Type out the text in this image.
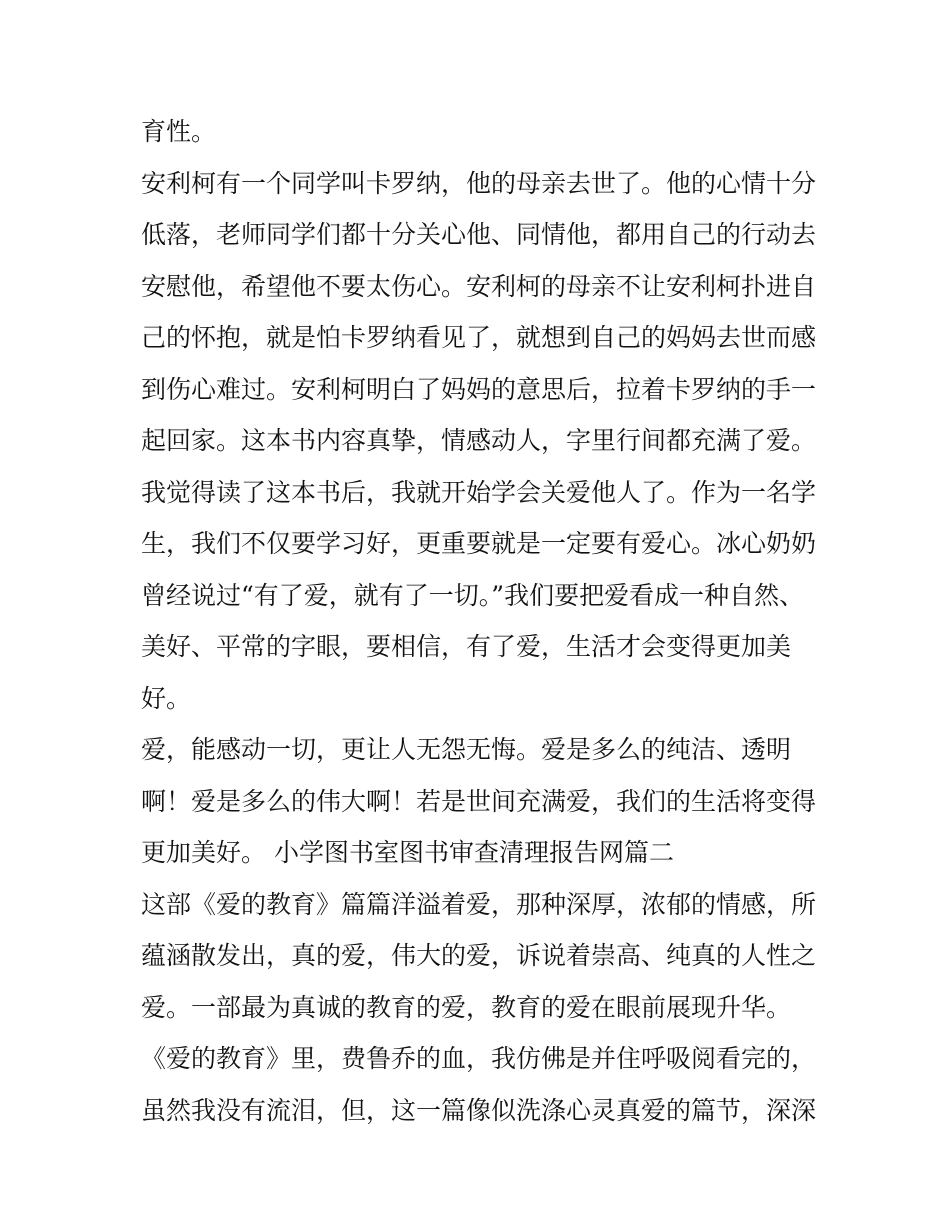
育性。
安利柯有一个同学叫卡罗纳，他的母亲去世了。他的心情十分
低落，老师同学们都十分关心他、同情他，都用自己的行动去
安慰他，希望他不要太伤心。安利柯的母亲不让安利柯扑进自
己的怀抱，就是怕卡罗纳看见了，就想到自己的妈妈去世而感
到伤心难过。安利柯明白了妈妈的意思后，拉着卡罗纳的手一
起回家。这本书内容真挚，情感动人，字里行间都充满了爱。
我觉得读了这本书后，我就开始学会关爱他人了。作为一名学
生，我们不仅要学习好，更重要就是一定要有爱心。冰心奶奶
曾经说过“有了爱，就有了一切。”我们要把爱看成一种自然、
美好、平常的字眼，要相信，有了爱，生活才会变得更加美
好。
爱，能感动一切，更让人无怨无悔。爱是多么的纯洁、透明
啊！爱是多么的伟大啊！若是世间充满爱，我们的生活将变得
更加美好。 小学图书室图书审查清理报告网篇二
这部《爱的教育》篇篇洋溢着爱，那种深厚，浓郁的情感，所
蕴涵散发出，真的爱，伟大的爱，诉说着崇高、纯真的人性之
爱。一部最为真诚的教育的爱，教育的爱在眼前展现升华。
《爱的教育》里，费鲁乔的血，我仿佛是并住呼吸阅看完的，
虽然我没有流泪，但，这一篇像似洗涤心灵真爱的篇节，深深
